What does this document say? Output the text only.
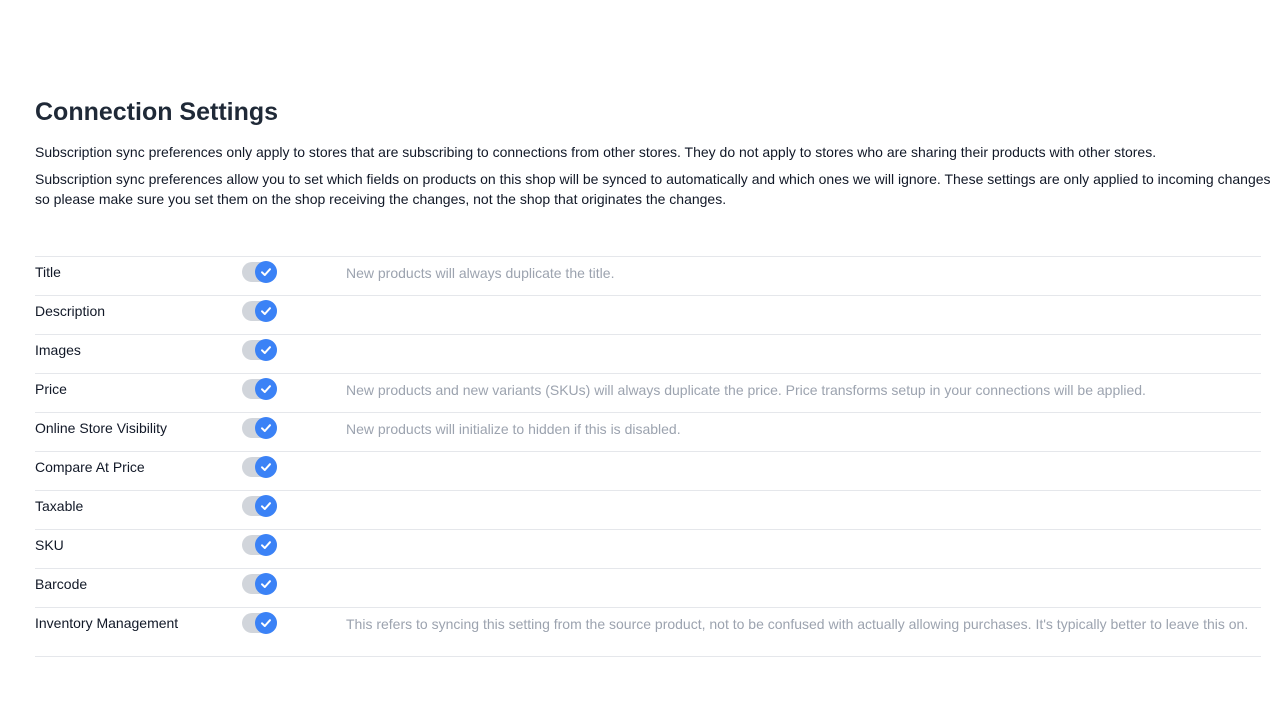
Connection Settings

Subscription sync preferences only apply to stores that are subscribing to connections from other stores. They do not apply to stores who are sharing their products with other stores.

Subscription sync preferences allow you to set which fields on products on this shop will be synced to automatically and which ones we will ignore. These settings are only applied to incoming changes so please make sure you set them on the shop receiving the changes, not the shop that originates the changes.

Title	New products will always duplicate the title.
Description
Images
Price	New products and new variants (SKUs) will always duplicate the price. Price transforms setup in your connections will be applied.
Online Store Visibility	New products will initialize to hidden if this is disabled.
Compare At Price
Taxable
SKU
Barcode
Inventory Management	This refers to syncing this setting from the source product, not to be confused with actually allowing purchases. It's typically better to leave this on.
